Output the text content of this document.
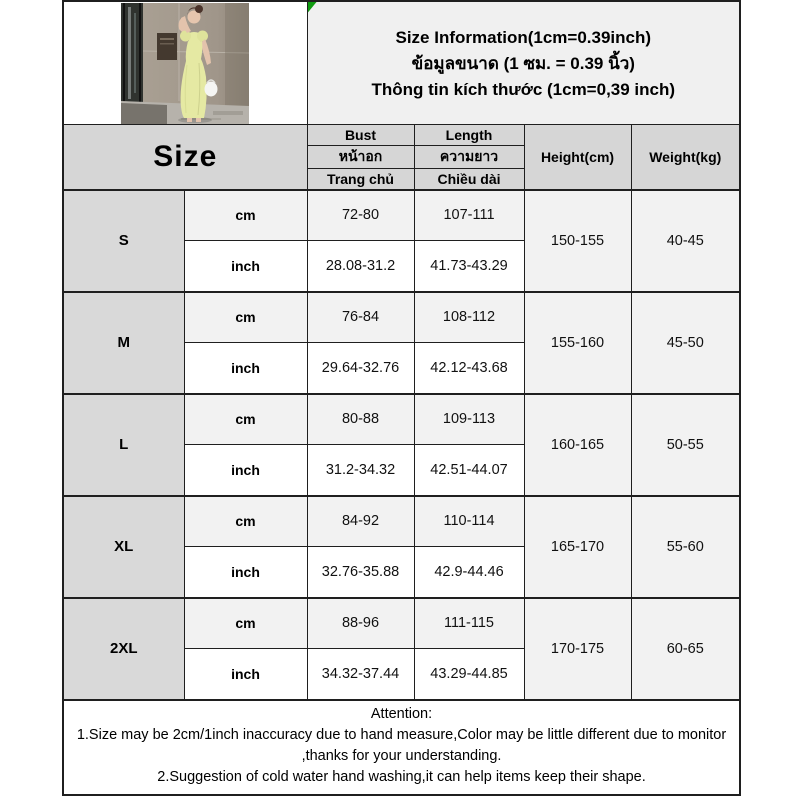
Size Information(1cm=0.39inch)
ข้อมูลขนาด (1 ซม. = 0.39 นิ้ว)
Thông tin kích thước (1cm=0,39 inch)			

Size		Bust	Length	Height(cm)	Weight(kg)
		หน้าอก	ความยาว		
		Trang chủ	Chiều dài		
S	cm	72-80	107-111	150-155	40-45
	inch	28.08-31.2	41.73-43.29		
M	cm	76-84	108-112	155-160	45-50
	inch	29.64-32.76	42.12-43.68		
L	cm	80-88	109-113	160-165	50-55
	inch	31.2-34.32	42.51-44.07		
XL	cm	84-92	110-114	165-170	55-60
	inch	32.76-35.88	42.9-44.46		
2XL	cm	88-96	111-115	170-175	60-65
	inch	34.32-37.44	43.29-44.85		

Attention:
1.Size may be 2cm/1inch inaccuracy due to hand measure,Color may be little different due to monitor ,thanks for your understanding.
2.Suggestion of cold water hand washing,it can help items keep their shape.					
